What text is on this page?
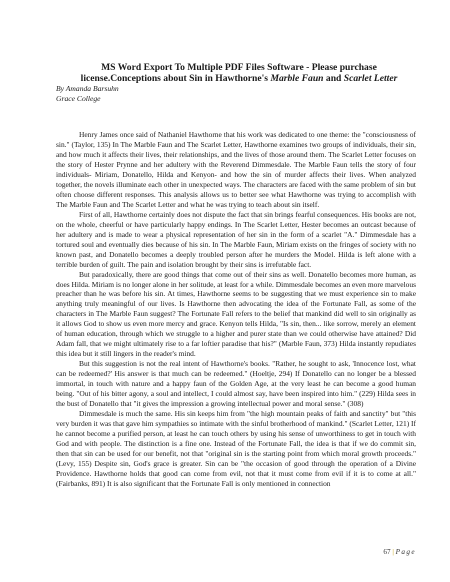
MS Word Export To Multiple PDF Files Software - Please purchase
license.Conceptions about Sin in Hawthorne's Marble Faun and Scarlet Letter

By Amanda Barsuhn

Grace College

Henry James once said of Nathaniel Hawthorne that his work was dedicated to one theme: the "consciousness of sin." (Taylor, 135) In The Marble Faun and The Scarlet Letter, Hawthorne examines two groups of individuals, their sin, and how much it affects their lives, their relationships, and the lives of those around them. The Scarlet Letter focuses on the story of Hester Prynne and her adultery with the Reverend Dimmesdale. The Marble Faun tells the story of four individuals- Miriam, Donatello, Hilda and Kenyon- and how the sin of murder affects their lives. When analyzed together, the novels illuminate each other in unexpected ways. The characters are faced with the same problem of sin but often choose different responses. This analysis allows us to better see what Hawthorne was trying to accomplish with The Marble Faun and The Scarlet Letter and what he was trying to teach about sin itself.

First of all, Hawthorne certainly does not dispute the fact that sin brings fearful consequences. His books are not, on the whole, cheerful or have particularly happy endings. In The Scarlet Letter, Hester becomes an outcast because of her adultery and is made to wear a physical representation of her sin in the form of a scarlet "A." Dimmesdale has a tortured soul and eventually dies because of his sin. In The Marble Faun, Miriam exists on the fringes of society with no known past, and Donatello becomes a deeply troubled person after he murders the Model. Hilda is left alone with a terrible burden of guilt. The pain and isolation brought by their sins is irrefutable fact.

But paradoxically, there are good things that come out of their sins as well. Donatello becomes more human, as does Hilda. Miriam is no longer alone in her solitude, at least for a while. Dimmesdale becomes an even more marvelous preacher than he was before his sin. At times, Hawthorne seems to be suggesting that we must experience sin to make anything truly meaningful of our lives. Is Hawthorne then advocating the idea of the Fortunate Fall, as some of the characters in The Marble Faun suggest? The Fortunate Fall refers to the belief that mankind did well to sin originally as it allows God to show us even more mercy and grace. Kenyon tells Hilda, "Is sin, then... like sorrow, merely an element of human education, through which we struggle to a higher and purer state than we could otherwise have attained? Did Adam fall, that we might ultimately rise to a far loftier paradise that his?" (Marble Faun, 373) Hilda instantly repudiates this idea but it still lingers in the reader's mind.

But this suggestion is not the real intent of Hawthorne's books. "Rather, he sought to ask, 'Innocence lost, what can be redeemed?' His answer is that much can be redeemed." (Hoeltje, 294) If Donatello can no longer be a blessed immortal, in touch with nature and a happy faun of the Golden Age, at the very least he can become a good human being. "Out of his bitter agony, a soul and intellect, I could almost say, have been inspired into him." (229) Hilda sees in the bust of Donatello that "it gives the impression a growing intellectual power and moral sense." (308)

Dimmesdale is much the same. His sin keeps him from "the high mountain peaks of faith and sanctity" but "this very burden it was that gave him sympathies so intimate with the sinful brotherhood of mankind." (Scarlet Letter, 121) If he cannot become a purified person, at least he can touch others by using his sense of unworthiness to get in touch with God and with people. The distinction is a fine one. Instead of the Fortunate Fall, the idea is that if we do commit sin, then that sin can be used for our benefit, not that "original sin is the starting point from which moral growth proceeds." (Levy, 155) Despite sin, God's grace is greater. Sin can be "the occasion of good through the operation of a Divine Providence. Hawthorne holds that good can come from evil, not that it must come from evil if it is to come at all." (Fairbanks, 891) It is also significant that the Fortunate Fall is only mentioned in connection

67 | Page
